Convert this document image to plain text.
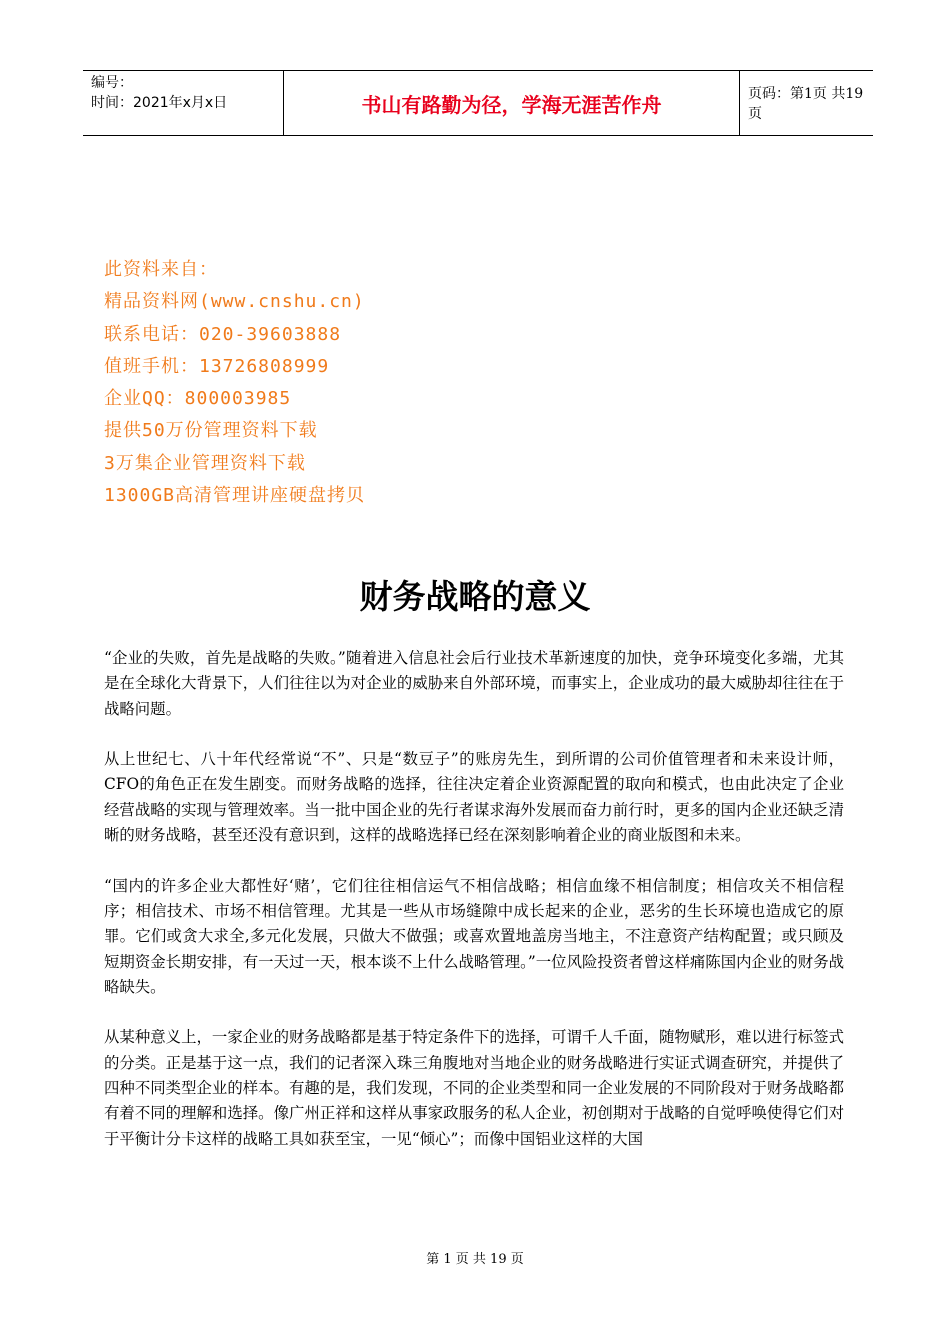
编号：
时间：2021年x月x日	书山有路勤为径，学海无涯苦作舟	页码：第1页 共19页
此资料来自：
精品资料网(www.cnshu.cn)
联系电话：020-39603888
值班手机：13726808999
企业QQ：800003985
提供50万份管理资料下载
3万集企业管理资料下载
1300GB高清管理讲座硬盘拷贝
财务战略的意义

“企业的失败，首先是战略的失败。”随着进入信息社会后行业技术革新速度的加快，竞争环境变化多端，尤其是在全球化大背景下，人们往往以为对企业的威胁来自外部环境，而事实上，企业成功的最大威胁却往往在于战略问题。

从上世纪七、八十年代经常说“不”、只是“数豆子”的账房先生，到所谓的公司价值管理者和未来设计师，CFO的角色正在发生剧变。而财务战略的选择，往往决定着企业资源配置的取向和模式，也由此决定了企业经营战略的实现与管理效率。当一批中国企业的先行者谋求海外发展而奋力前行时，更多的国内企业还缺乏清晰的财务战略，甚至还没有意识到，这样的战略选择已经在深刻影响着企业的商业版图和未来。

“国内的许多企业大都性好‘赌’，它们往往相信运气不相信战略；相信血缘不相信制度；相信攻关不相信程序；相信技术、市场不相信管理。尤其是一些从市场缝隙中成长起来的企业，恶劣的生长环境也造成它的原罪。它们或贪大求全,多元化发展，只做大不做强；或喜欢置地盖房当地主，不注意资产结构配置；或只顾及短期资金长期安排，有一天过一天，根本谈不上什么战略管理。”一位风险投资者曾这样痛陈国内企业的财务战略缺失。

从某种意义上，一家企业的财务战略都是基于特定条件下的选择，可谓千人千面，随物赋形，难以进行标签式的分类。正是基于这一点，我们的记者深入珠三角腹地对当地企业的财务战略进行实证式调查研究，并提供了四种不同类型企业的样本。有趣的是，我们发现，不同的企业类型和同一企业发展的不同阶段对于财务战略都有着不同的理解和选择。像广州正祥和这样从事家政服务的私人企业，初创期对于战略的自觉呼唤使得它们对于平衡计分卡这样的战略工具如获至宝，一见“倾心”；而像中国铝业这样的大国

第 1 页 共 19 页
